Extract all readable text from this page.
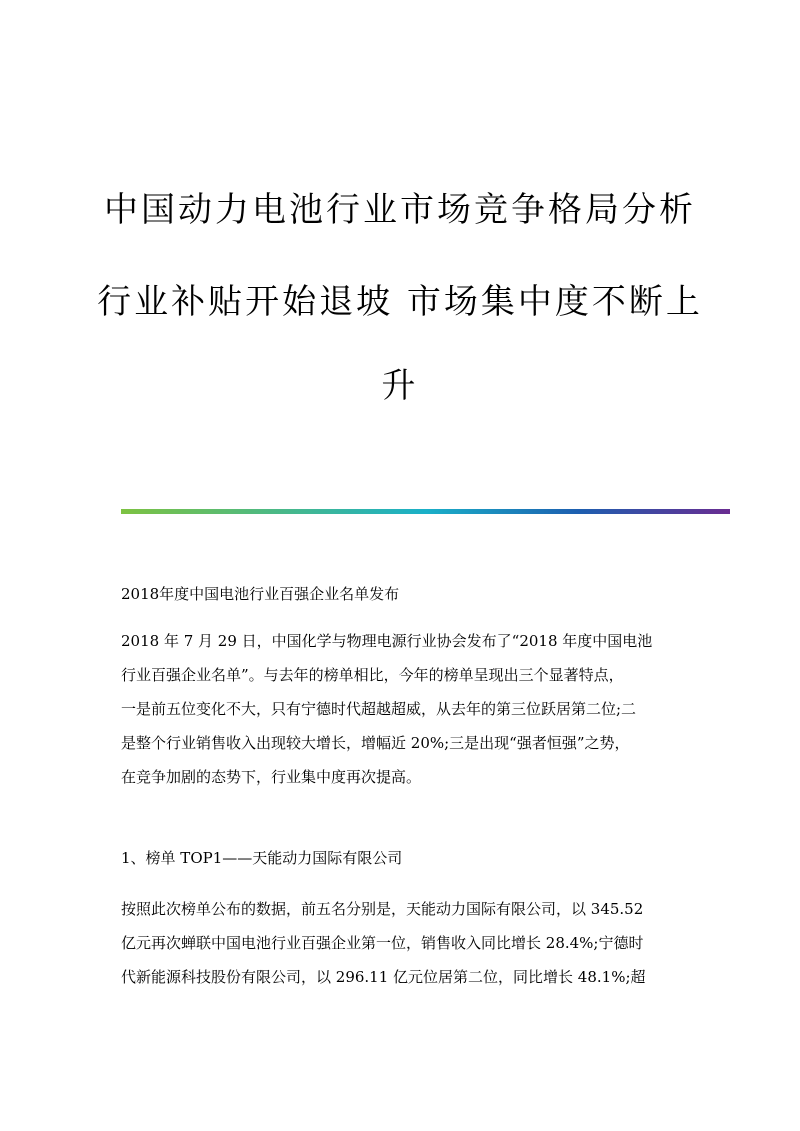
中国动力电池行业市场竞争格局分析
行业补贴开始退坡 市场集中度不断上
升
2018年度中国电池行业百强企业名单发布
2018 年 7 月 29 日，中国化学与物理电源行业协会发布了“2018 年度中国电池
行业百强企业名单”。与去年的榜单相比，今年的榜单呈现出三个显著特点，
一是前五位变化不大，只有宁德时代超越超威，从去年的第三位跃居第二位;二
是整个行业销售收入出现较大增长，增幅近 20%;三是出现“强者恒强”之势，
在竞争加剧的态势下，行业集中度再次提高。
1、榜单 TOP1——天能动力国际有限公司
按照此次榜单公布的数据，前五名分别是，天能动力国际有限公司，以 345.52
亿元再次蝉联中国电池行业百强企业第一位，销售收入同比增长 28.4%;宁德时
代新能源科技股份有限公司，以 296.11 亿元位居第二位，同比增长 48.1%;超
